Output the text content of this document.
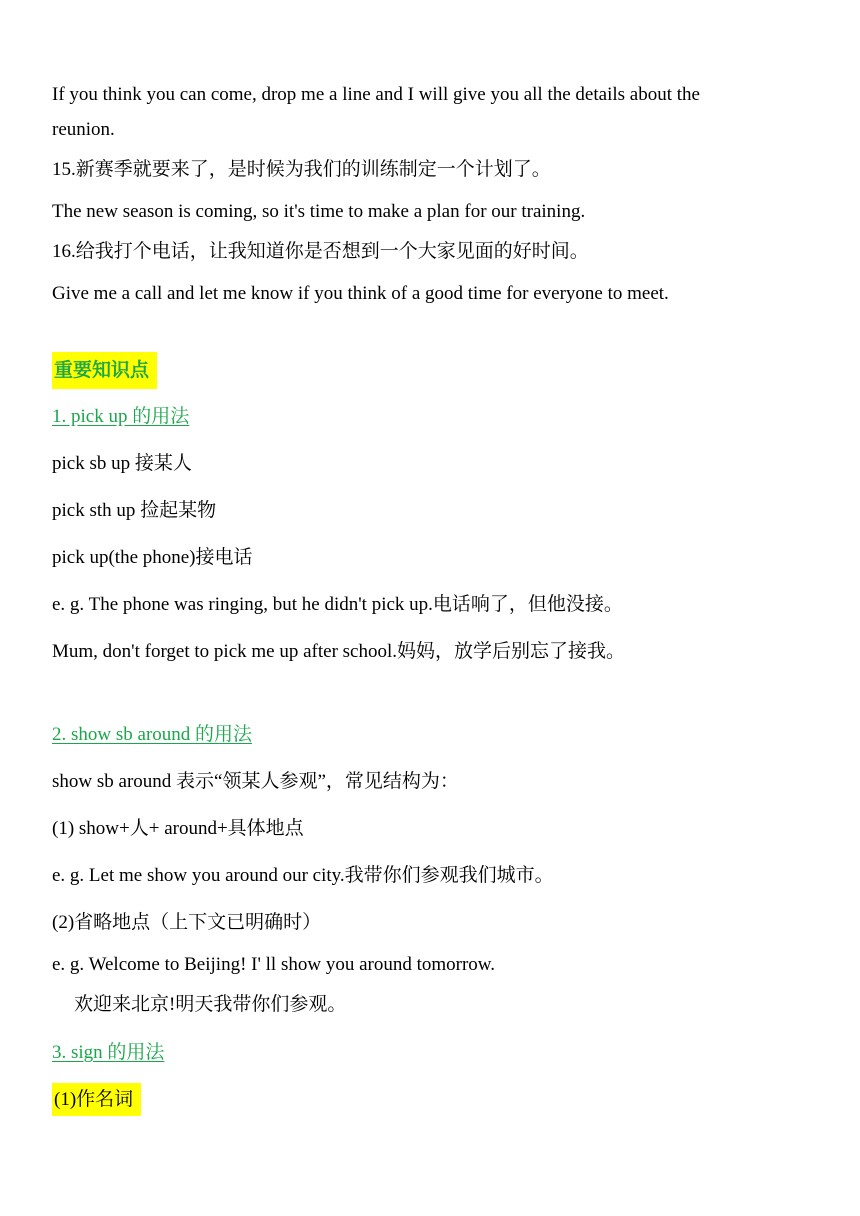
If you think you can come, drop me a line and I will give you all the details about the
reunion.
15.新赛季就要来了，是时候为我们的训练制定一个计划了。
The new season is coming, so it's time to make a plan for our training.
16.给我打个电话，让我知道你是否想到一个大家见面的好时间。
Give me a call and let me know if you think of a good time for everyone to meet.
重要知识点
1. pick up 的用法
pick sb up 接某人
pick sth up 捡起某物
pick up(the phone)接电话
e. g. The phone was ringing, but he didn't pick up.电话响了，但他没接。
Mum, don't forget to pick me up after school.妈妈，放学后别忘了接我。
2. show sb around 的用法
show sb around 表示“领某人参观”，常见结构为：
(1) show+人+ around+具体地点
e. g. Let me show you around our city.我带你们参观我们城市。
(2)省略地点（上下文已明确时）
e. g. Welcome to Beijing! I' ll show you around tomorrow.
欢迎来北京!明天我带你们参观。
3. sign 的用法
(1)作名词
